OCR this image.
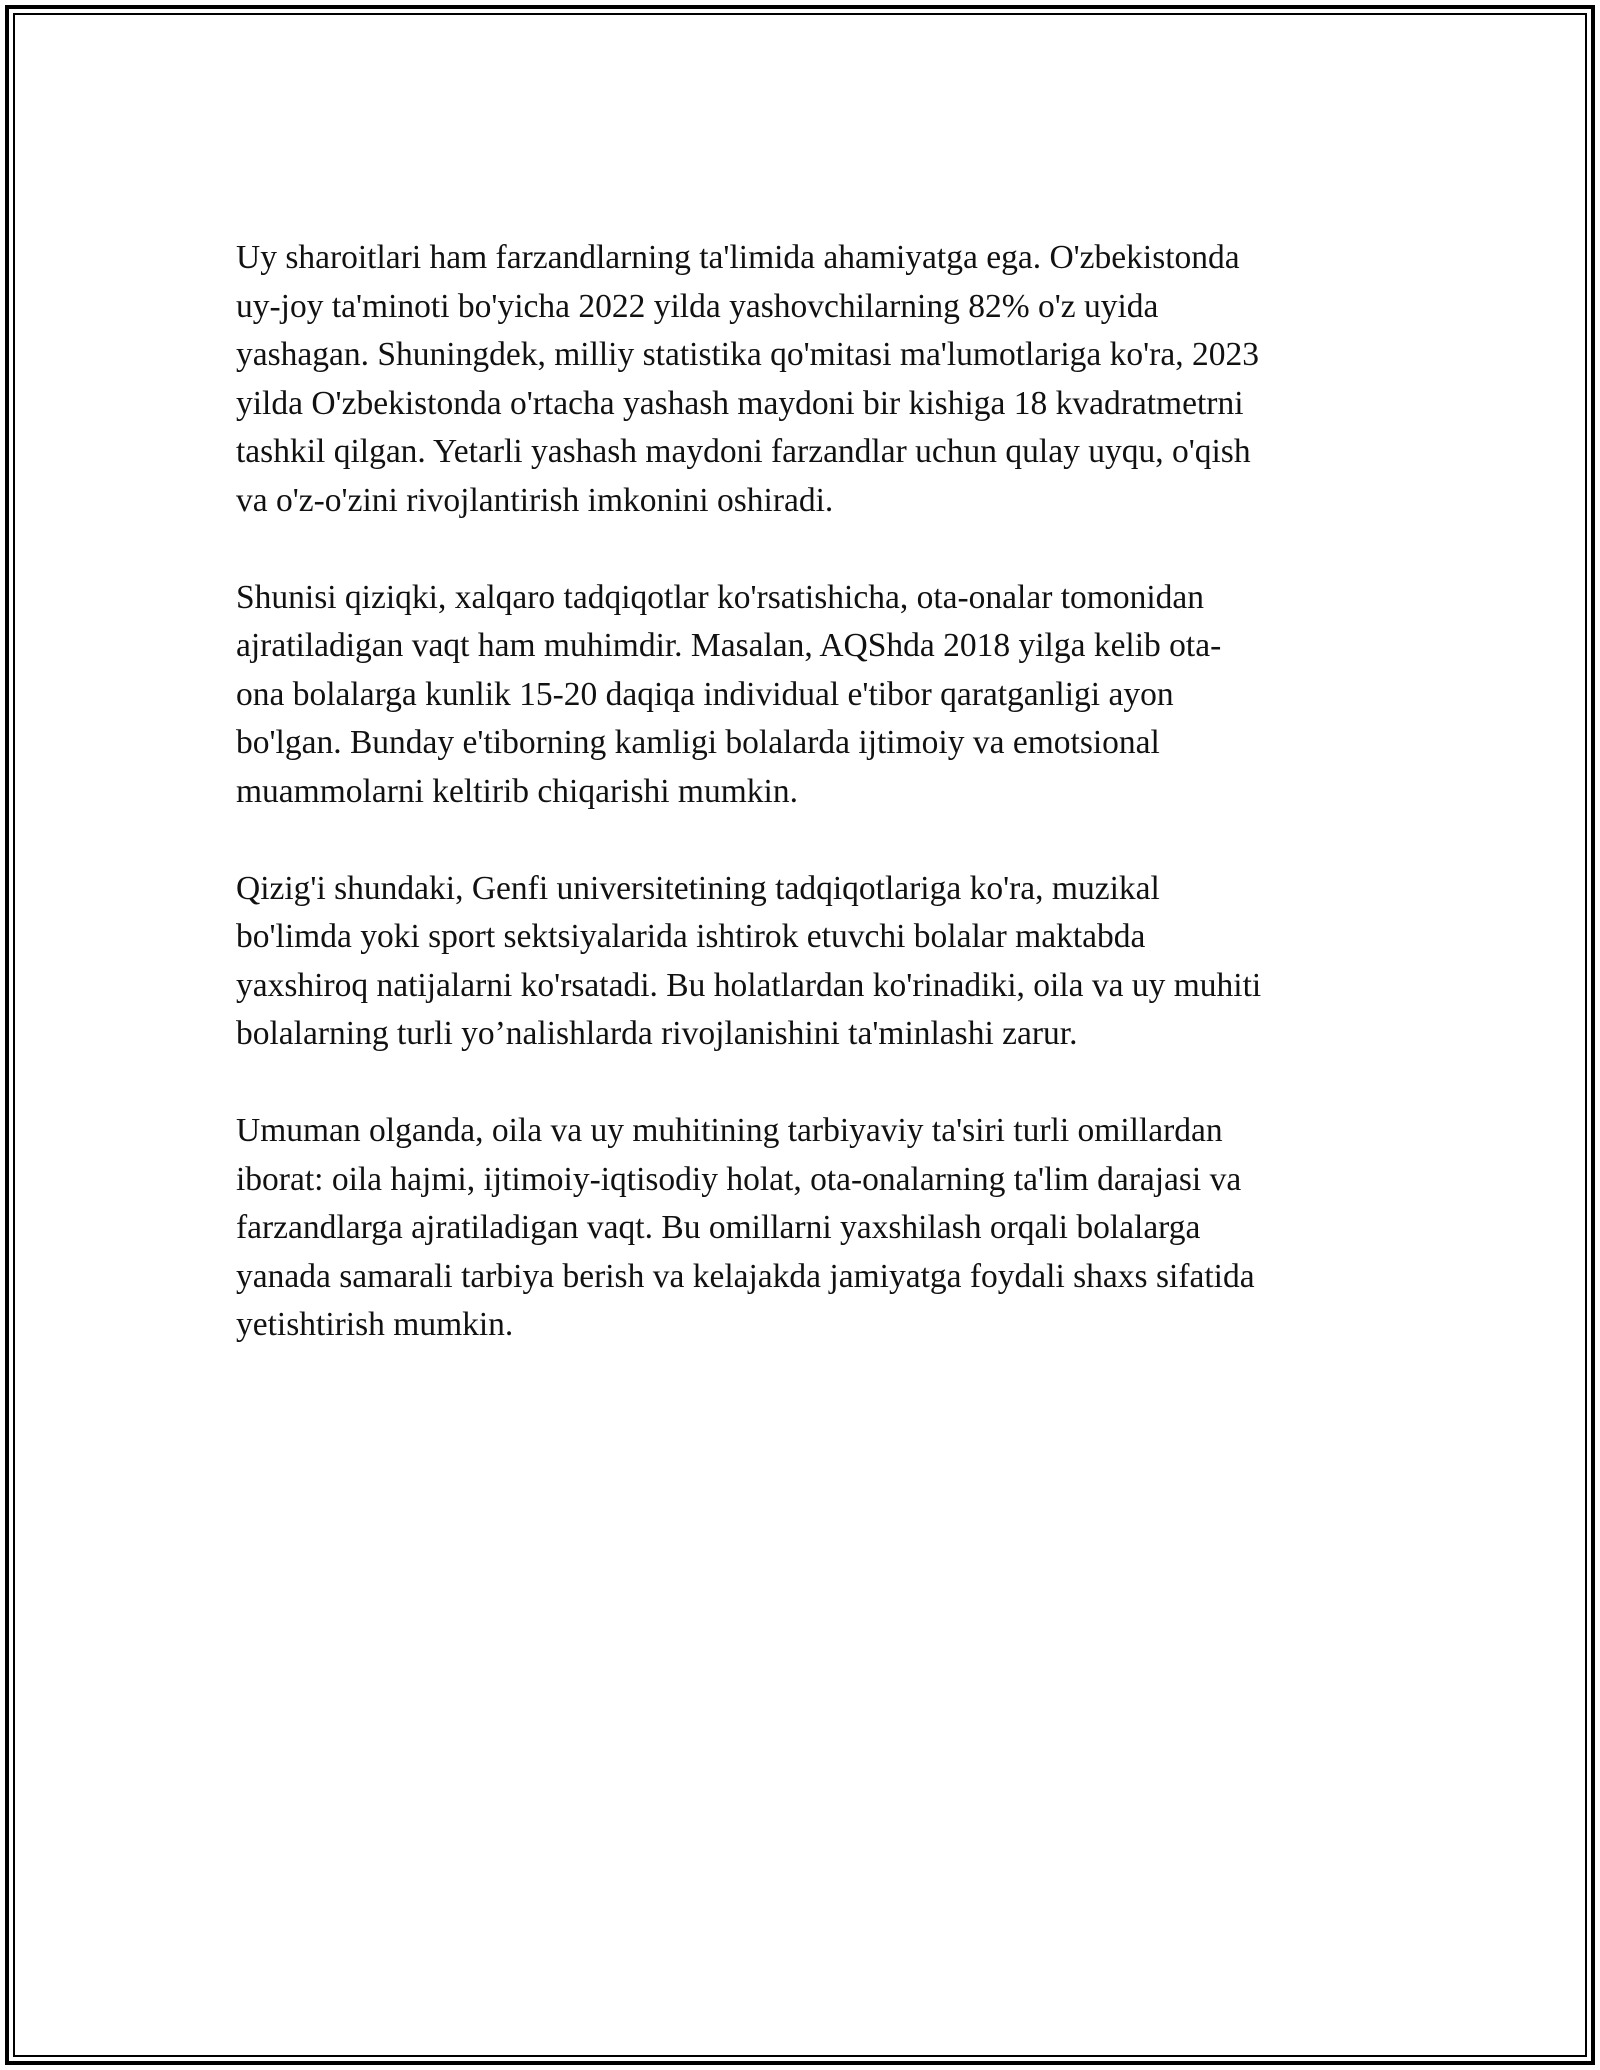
Uy sharoitlari ham farzandlarning ta'limida ahamiyatga ega. O'zbekistonda
uy-joy ta'minoti bo'yicha 2022 yilda yashovchilarning 82% o'z uyida
yashagan. Shuningdek, milliy statistika qo'mitasi ma'lumotlariga ko'ra, 2023
yilda O'zbekistonda o'rtacha yashash maydoni bir kishiga 18 kvadratmetrni
tashkil qilgan. Yetarli yashash maydoni farzandlar uchun qulay uyqu, o'qish
va o'z-o'zini rivojlantirish imkonini oshiradi.

Shunisi qiziqki, xalqaro tadqiqotlar ko'rsatishicha, ota-onalar tomonidan
ajratiladigan vaqt ham muhimdir. Masalan, AQShda 2018 yilga kelib ota-
ona bolalarga kunlik 15-20 daqiqa individual e'tibor qaratganligi ayon
bo'lgan. Bunday e'tiborning kamligi bolalarda ijtimoiy va emotsional
muammolarni keltirib chiqarishi mumkin.

Qizig'i shundaki, Genfi universitetining tadqiqotlariga ko'ra, muzikal
bo'limda yoki sport sektsiyalarida ishtirok etuvchi bolalar maktabda
yaxshiroq natijalarni ko'rsatadi. Bu holatlardan ko'rinadiki, oila va uy muhiti
bolalarning turli yo’nalishlarda rivojlanishini ta'minlashi zarur.

Umuman olganda, oila va uy muhitining tarbiyaviy ta'siri turli omillardan
iborat: oila hajmi, ijtimoiy-iqtisodiy holat, ota-onalarning ta'lim darajasi va
farzandlarga ajratiladigan vaqt. Bu omillarni yaxshilash orqali bolalarga
yanada samarali tarbiya berish va kelajakda jamiyatga foydali shaxs sifatida
yetishtirish mumkin.
